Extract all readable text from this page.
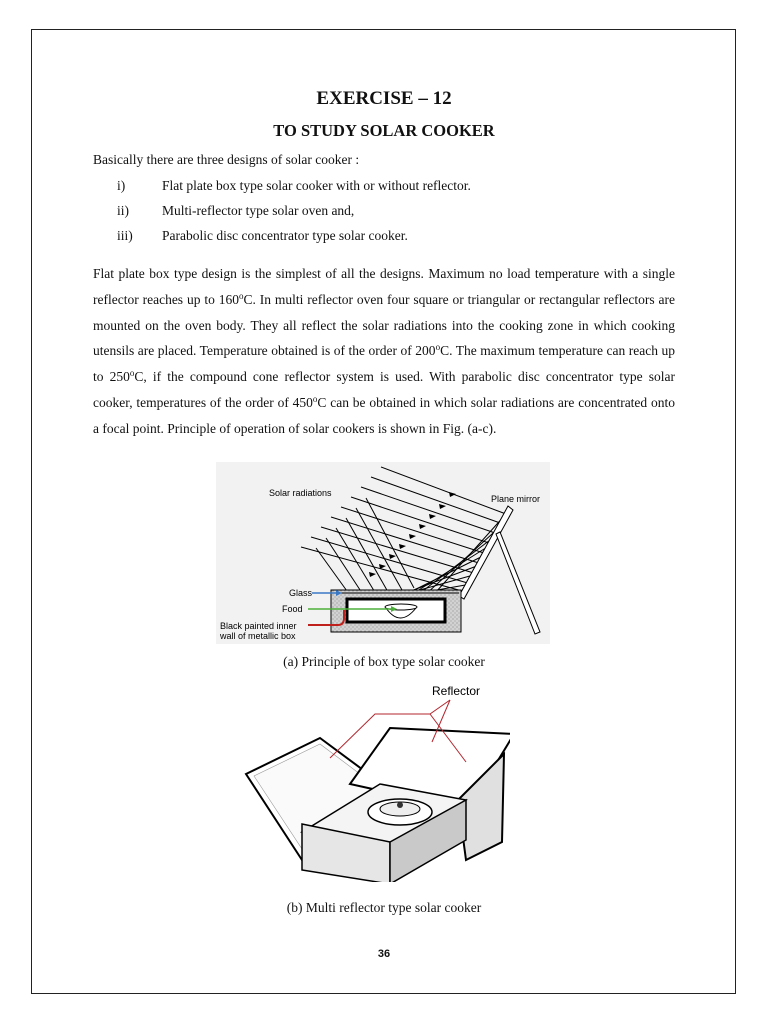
EXERCISE – 12
TO STUDY SOLAR COOKER
Basically there are three designs of solar cooker :
i)	Flat plate box type solar cooker with or without reflector.
ii) Multi-reflector type solar oven and,
iii) Parabolic disc concentrator type solar cooker.

Flat plate box type design is the simplest of all the designs. Maximum no load temperature with a single reflector reaches up to 160$^o$C. In multi reflector oven four square or triangular or rectangular reflectors are mounted on the oven body. They all reflect the solar radiations into the cooking zone in which cooking utensils are placed. Temperature obtained is of the order of 200$^o$C. The maximum temperature can reach up to 250$^o$C, if the compound cone reflector system is used. With parabolic disc concentrator type solar cooker, temperatures of the order of 450$^o$C can be obtained in which solar radiations are concentrated onto a focal point. Principle of operation of solar cookers is shown in Fig. (a-c).

Solar radiations
Plane mirror
Glass
Food
Black painted inner
wall of metallic box
(a) Principle of box type solar cooker
Reflector
(b) Multi reflector type solar cooker
36
